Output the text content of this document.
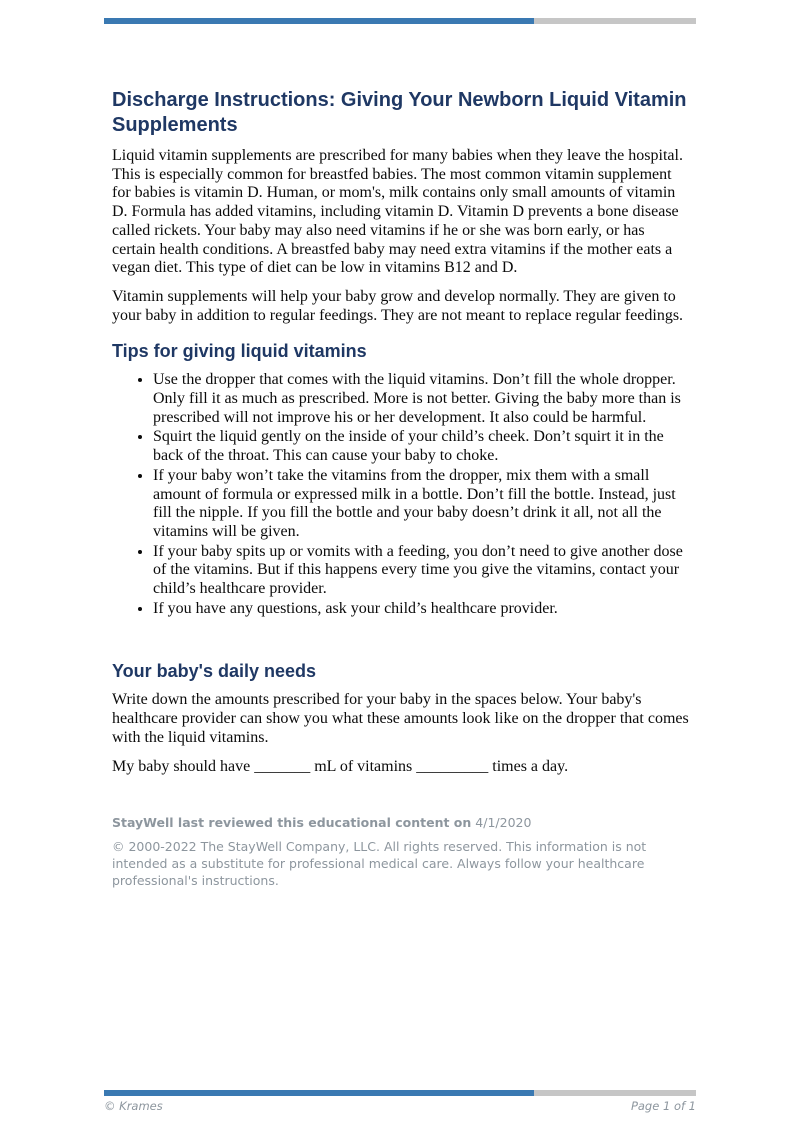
Discharge Instructions: Giving Your Newborn Liquid Vitamin Supplements

Liquid vitamin supplements are prescribed for many babies when they leave the hospital. This is especially common for breastfed babies. The most common vitamin supplement for babies is vitamin D. Human, or mom's, milk contains only small amounts of vitamin D. Formula has added vitamins, including vitamin D. Vitamin D prevents a bone disease called rickets. Your baby may also need vitamins if he or she was born early, or has certain health conditions. A breastfed baby may need extra vitamins if the mother eats a vegan diet. This type of diet can be low in vitamins B12 and D.

Vitamin supplements will help your baby grow and develop normally. They are given to your baby in addition to regular feedings. They are not meant to replace regular feedings.

Tips for giving liquid vitamins
• Use the dropper that comes with the liquid vitamins. Don’t fill the whole dropper. Only fill it as much as prescribed. More is not better. Giving the baby more than is prescribed will not improve his or her development. It also could be harmful.
• Squirt the liquid gently on the inside of your child’s cheek. Don’t squirt it in the back of the throat. This can cause your baby to choke.
• If your baby won’t take the vitamins from the dropper, mix them with a small amount of formula or expressed milk in a bottle. Don’t fill the bottle. Instead, just fill the nipple. If you fill the bottle and your baby doesn’t drink it all, not all the vitamins will be given.
• If your baby spits up or vomits with a feeding, you don’t need to give another dose of the vitamins. But if this happens every time you give the vitamins, contact your child’s healthcare provider.
• If you have any questions, ask your child’s healthcare provider.
Your baby's daily needs

Write down the amounts prescribed for your baby in the spaces below. Your baby's healthcare provider can show you what these amounts look like on the dropper that comes with the liquid vitamins.

My baby should have _______ mL of vitamins _________ times a day.

StayWell last reviewed this educational content on 4/1/2020

© 2000-2022 The StayWell Company, LLC. All rights reserved. This information is not intended as a substitute for professional medical care. Always follow your healthcare professional's instructions.

© Krames	Page 1 of 1
